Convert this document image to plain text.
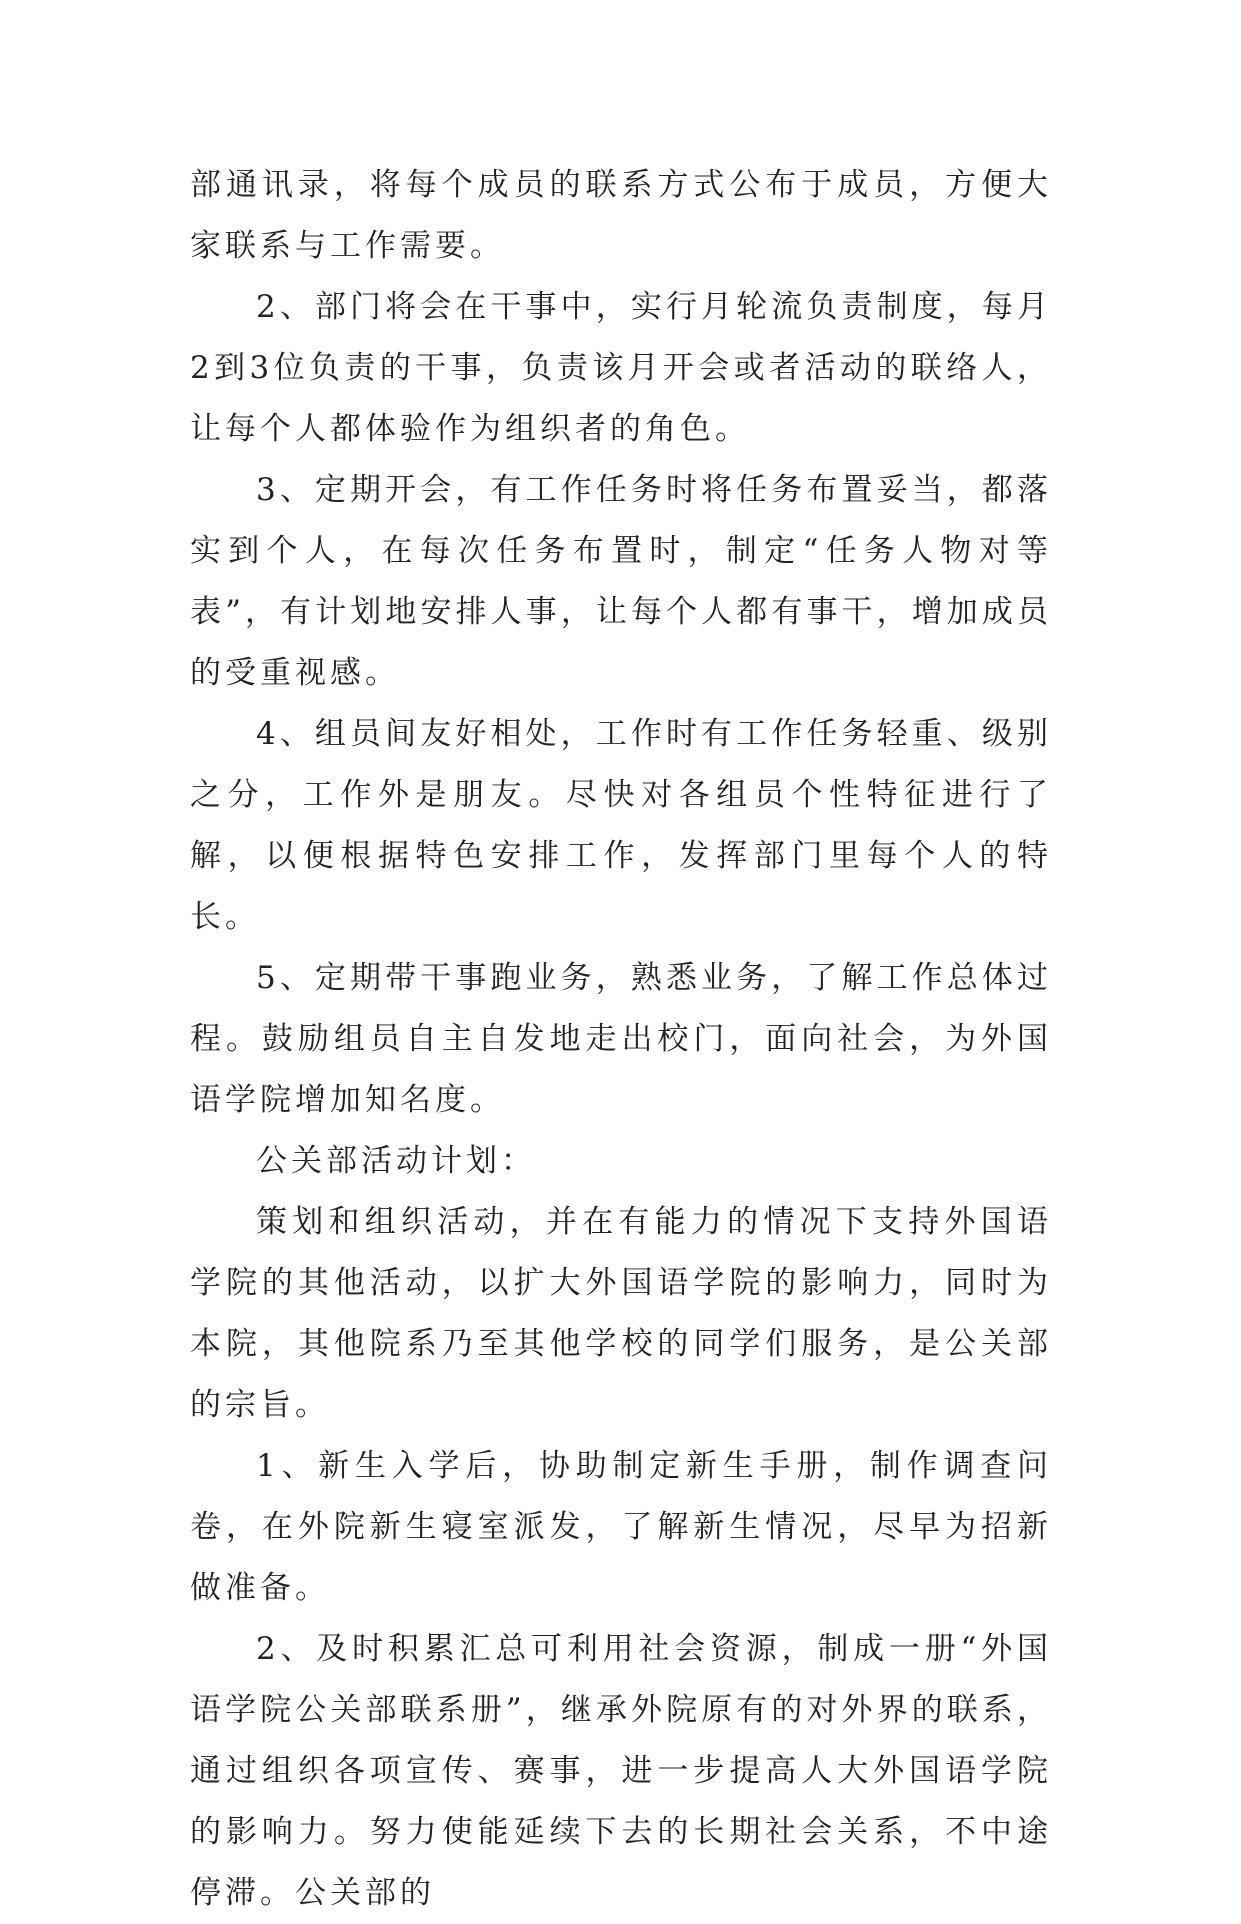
部通讯录，将每个成员的联系方式公布于成员，方便大家联系与工作需要。

2、部门将会在干事中，实行月轮流负责制度，每月2到3位负责的干事，负责该月开会或者活动的联络人，让每个人都体验作为组织者的角色。

3、定期开会，有工作任务时将任务布置妥当，都落实到个人，在每次任务布置时，制定“任务人物对等表”，有计划地安排人事，让每个人都有事干，增加成员的受重视感。

4、组员间友好相处，工作时有工作任务轻重、级别之分，工作外是朋友。尽快对各组员个性特征进行了解，以便根据特色安排工作，发挥部门里每个人的特长。

5、定期带干事跑业务，熟悉业务，了解工作总体过程。鼓励组员自主自发地走出校门，面向社会，为外国语学院增加知名度。

公关部活动计划：

策划和组织活动，并在有能力的情况下支持外国语学院的其他活动，以扩大外国语学院的影响力，同时为本院，其他院系乃至其他学校的同学们服务，是公关部的宗旨。

1、新生入学后，协助制定新生手册，制作调查问卷，在外院新生寝室派发，了解新生情况，尽早为招新做准备。

2、及时积累汇总可利用社会资源，制成一册“外国语学院公关部联系册”，继承外院原有的对外界的联系，通过组织各项宣传、赛事，进一步提高人大外国语学院的影响力。努力使能延续下去的长期社会关系，不中途停滞。公关部的
